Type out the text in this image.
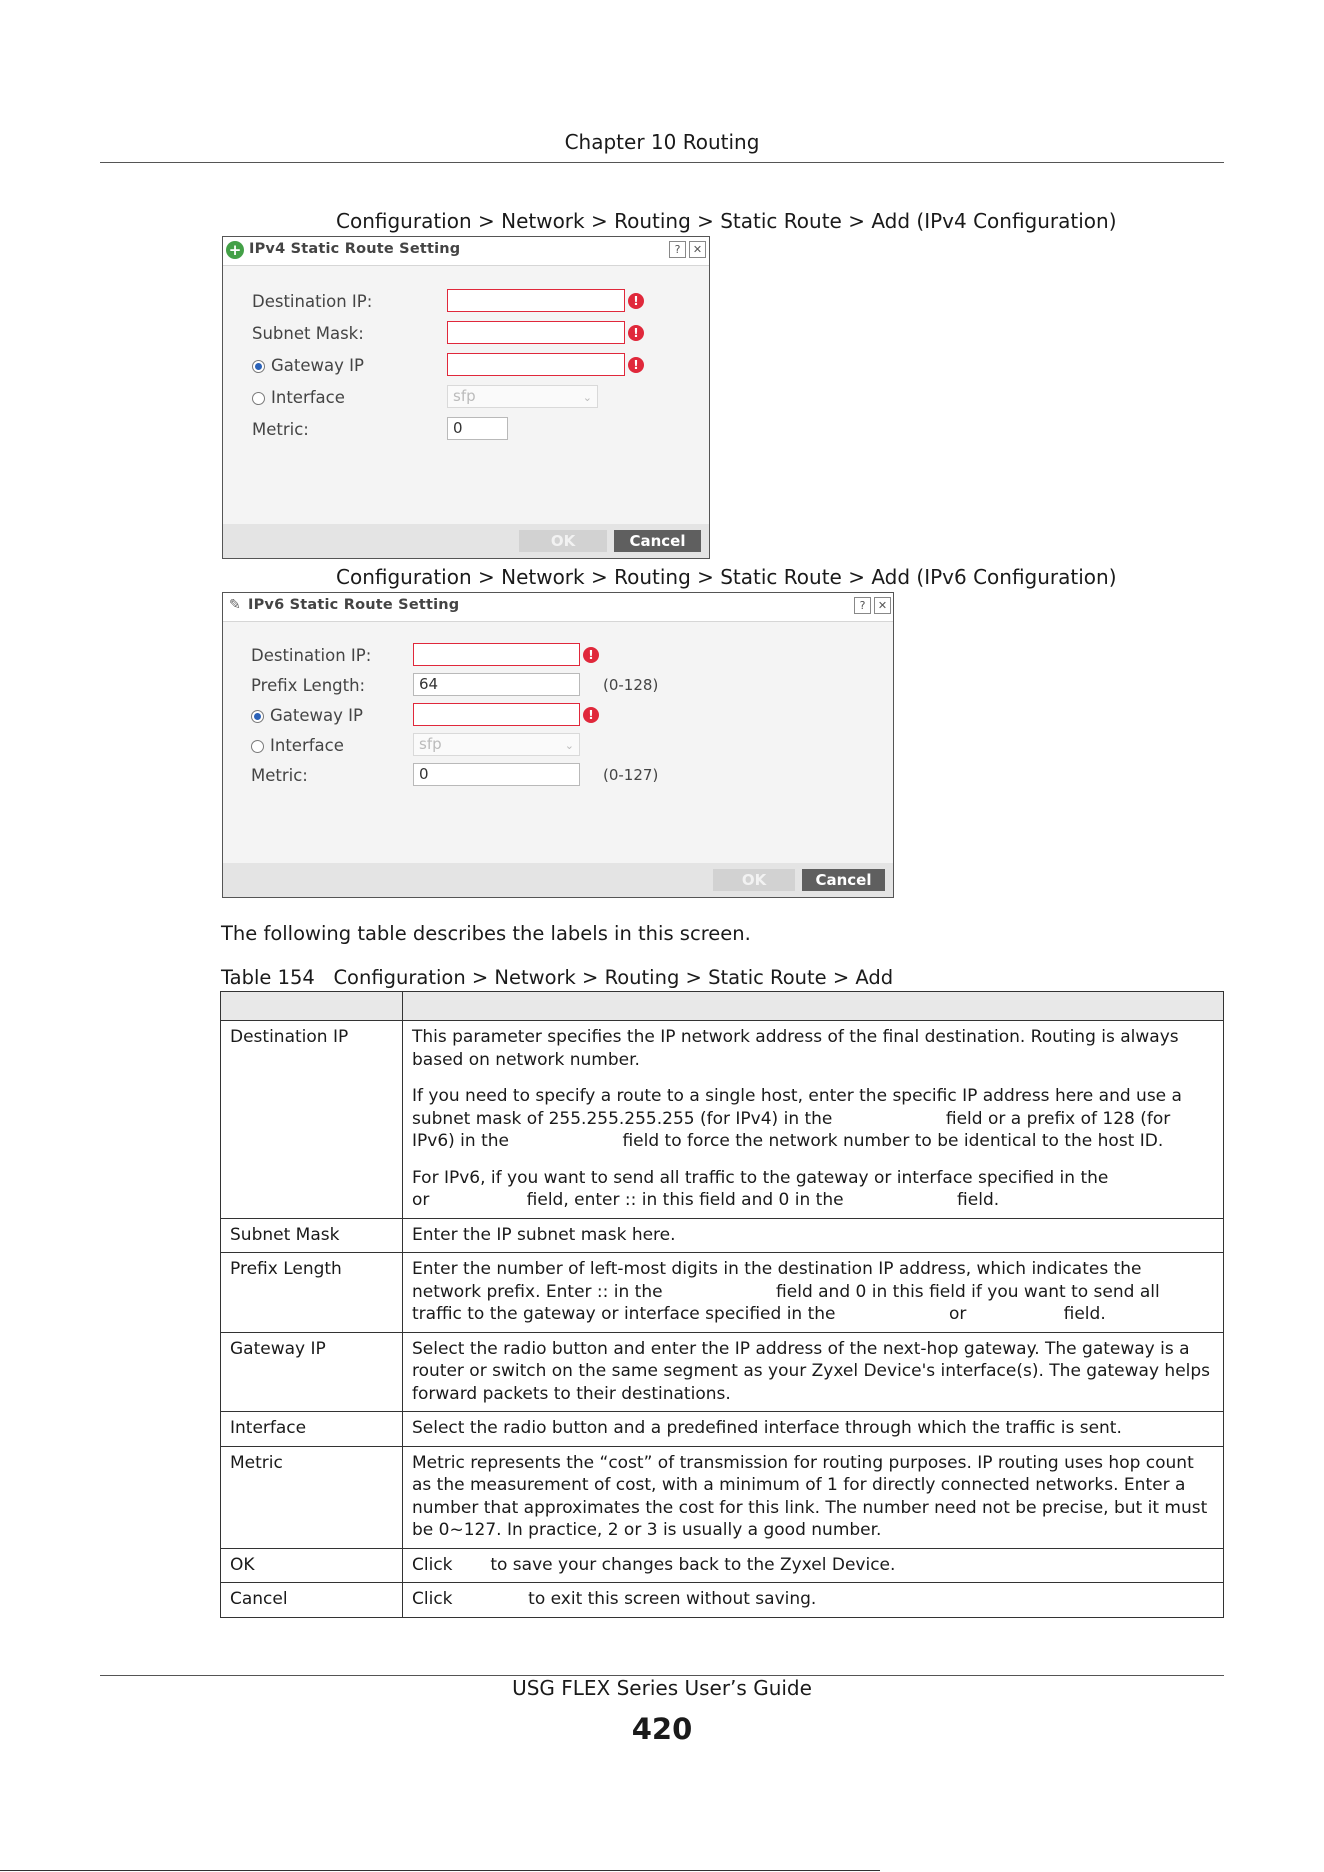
Chapter 10 Routing
Configuration > Network > Routing > Static Route > Add (IPv4 Configuration)
+ IPv4 Static Route Setting	?	✕
Destination IP:	!
Subnet Mask:	!
Gateway IP	!
Interface	sfp	⌄
Metric:	0
OK	Cancel
Configuration > Network > Routing > Static Route > Add (IPv6 Configuration)
✎ IPv6 Static Route Setting	?	✕
Destination IP:	!
Prefix Length:	64	(0-128)
Gateway IP	!
Interface	sfp	⌄
Metric:	0	(0-127)
OK	Cancel
The following table describes the labels in this screen.
Table 154   Configuration > Network > Routing > Static Route > Add

Destination IP	This parameter specifies the IP network address of the final destination. Routing is always based on network number.

If you need to specify a route to a single host, enter the specific IP address here and use a subnet mask of 255.255.255.255 (for IPv4) in the                     field or a prefix of 128 (for IPv6) in the                     field to force the network number to be identical to the host ID.

For IPv6, if you want to send all traffic to the gateway or interface specified in the                     or                  field, enter :: in this field and 0 in the                     field.

Subnet Mask	Enter the IP subnet mask here.

Prefix Length	Enter the number of left-most digits in the destination IP address, which indicates the network prefix. Enter :: in the                     field and 0 in this field if you want to send all traffic to the gateway or interface specified in the                     or                  field.

Gateway IP	Select the radio button and enter the IP address of the next-hop gateway. The gateway is a router or switch on the same segment as your Zyxel Device's interface(s). The gateway helps forward packets to their destinations.

Interface	Select the radio button and a predefined interface through which the traffic is sent.

Metric	Metric represents the “cost” of transmission for routing purposes. IP routing uses hop count as the measurement of cost, with a minimum of 1 for directly connected networks. Enter a number that approximates the cost for this link. The number need not be precise, but it must be 0~127. In practice, 2 or 3 is usually a good number.

OK	Click       to save your changes back to the Zyxel Device.

Cancel	Click              to exit this screen without saving.

USG FLEX Series User’s Guide
420
